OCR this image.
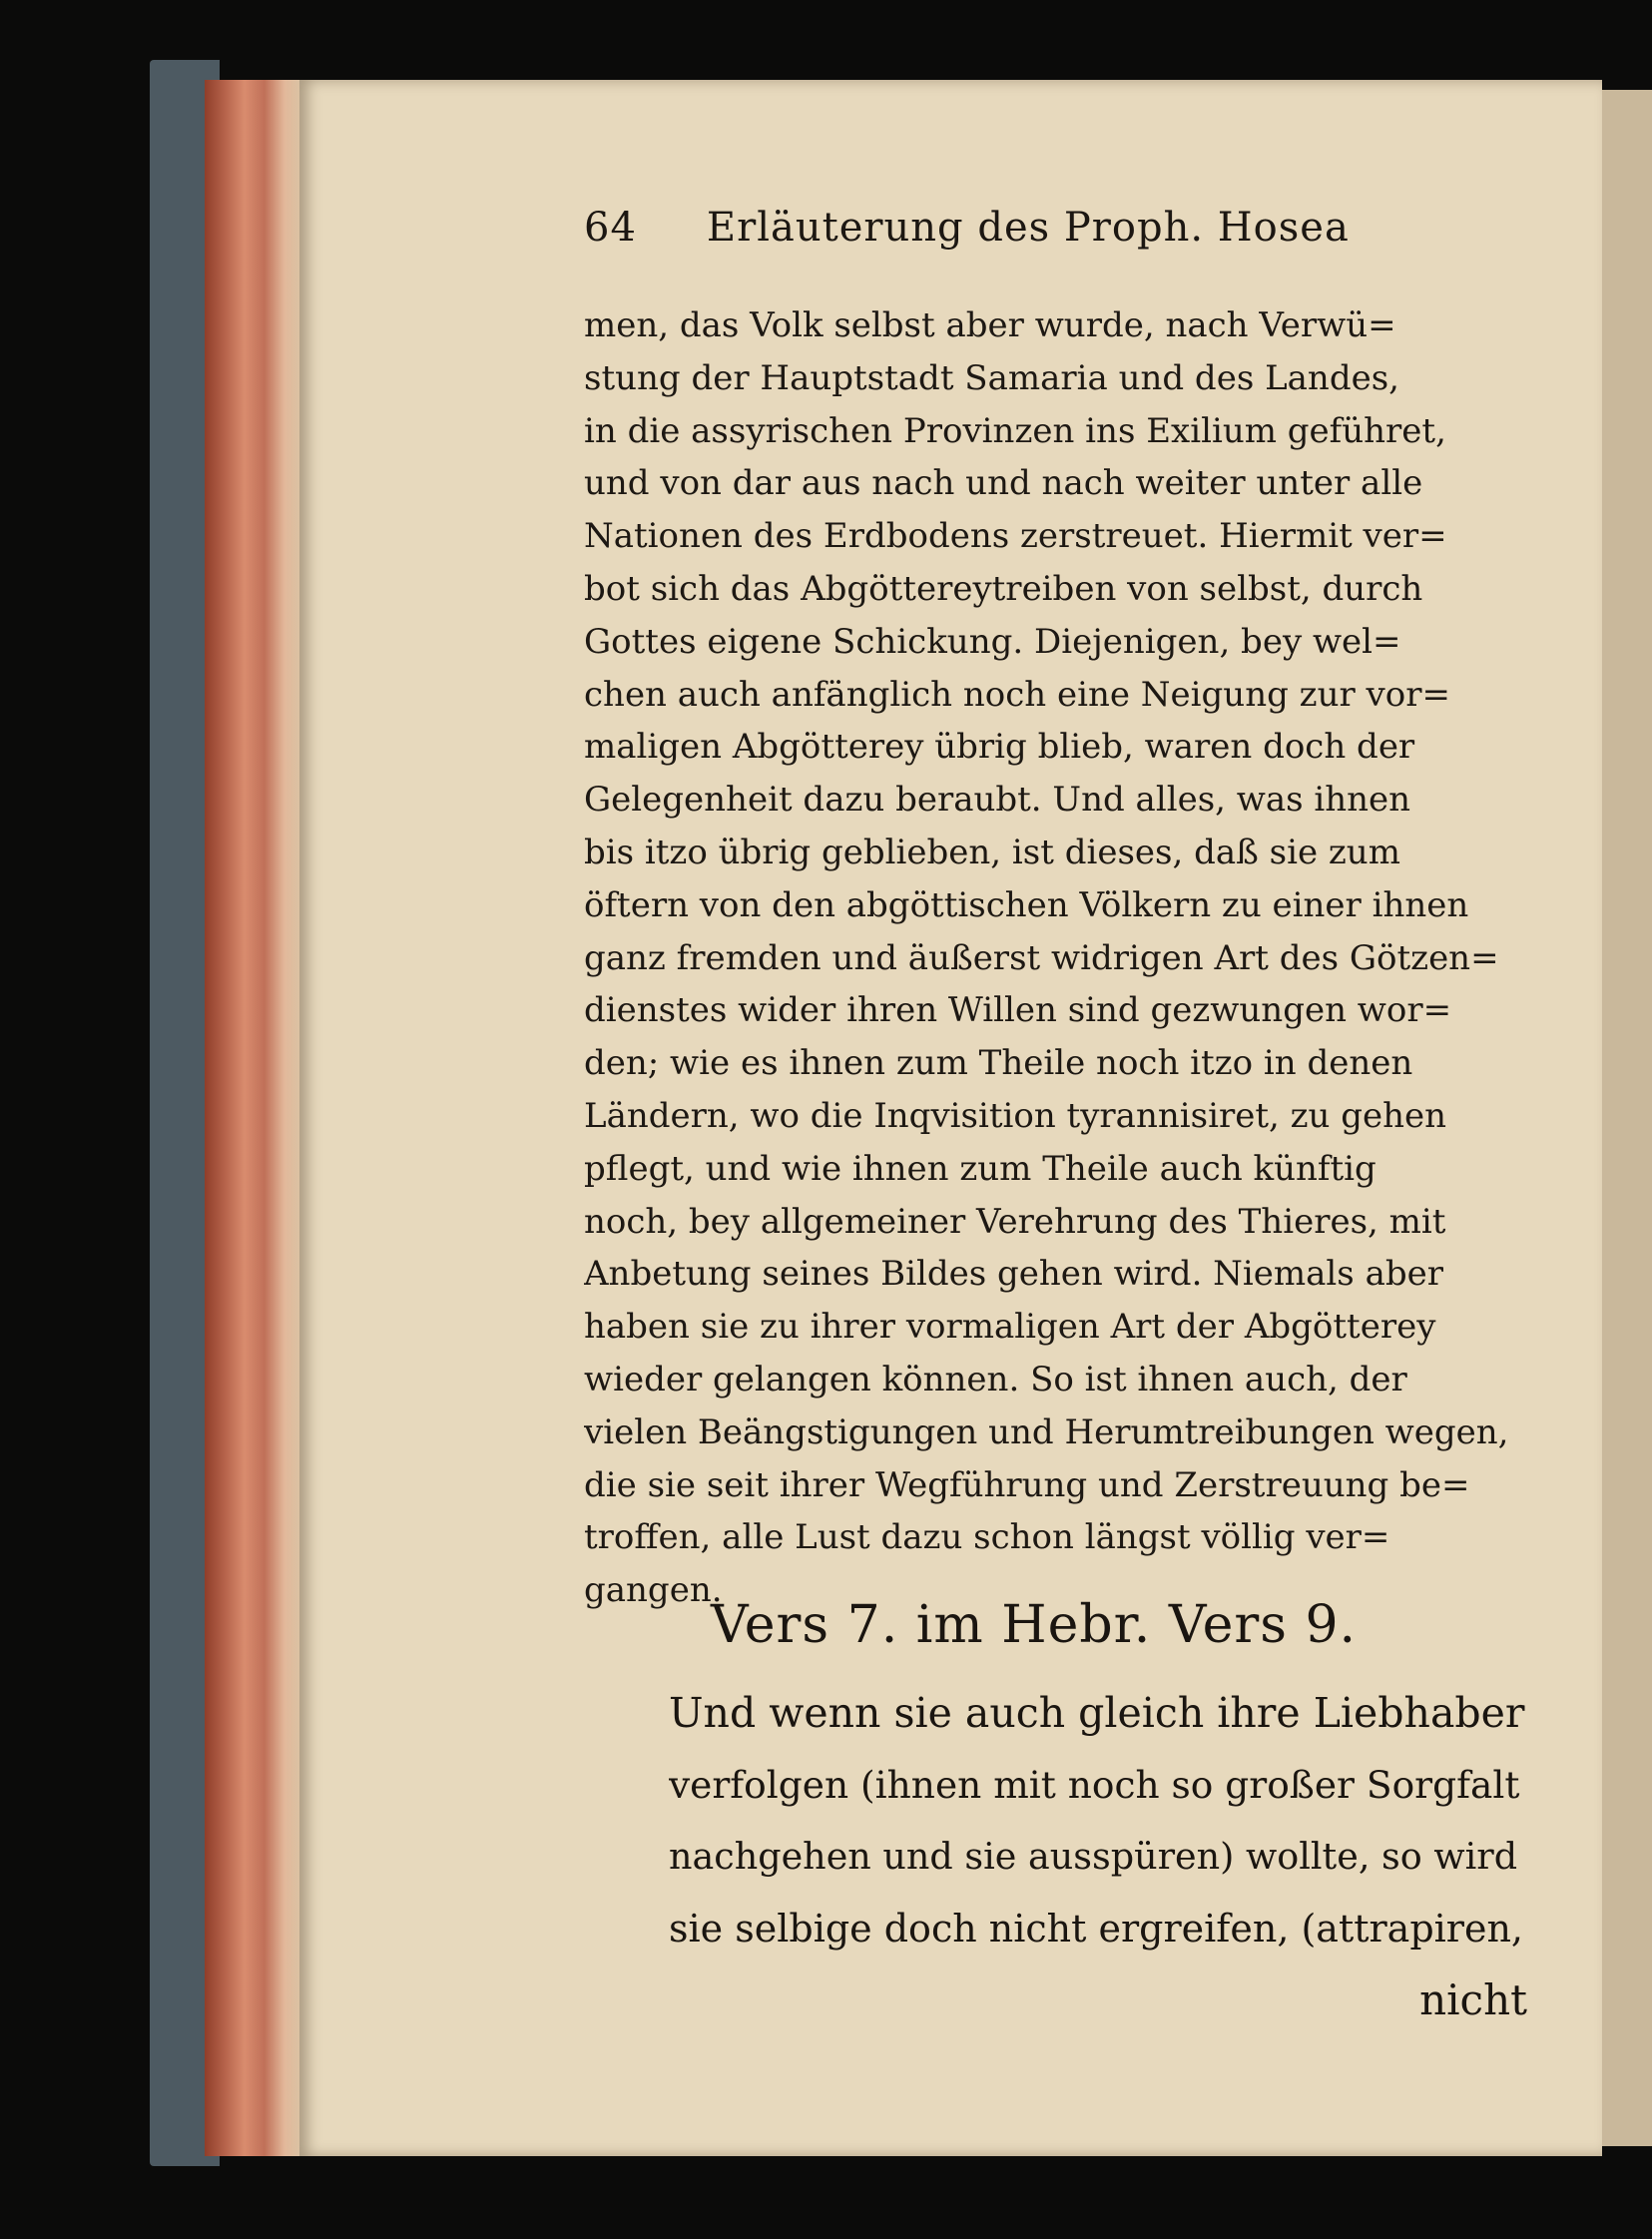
64 Erläuterung des Proph. Hosea
men, das Volk selbst aber wurde, nach Verwü=
stung der Hauptstadt Samaria und des Landes,
in die assyrischen Provinzen ins Exilium geführet,
und von dar aus nach und nach weiter unter alle
Nationen des Erdbodens zerstreuet. Hiermit ver=
bot sich das Abgöttereytreiben von selbst, durch
Gottes eigene Schickung. Diejenigen, bey wel=
chen auch anfänglich noch eine Neigung zur vor=
maligen Abgötterey übrig blieb, waren doch der
Gelegenheit dazu beraubt. Und alles, was ihnen
bis itzo übrig geblieben, ist dieses, daß sie zum
öftern von den abgöttischen Völkern zu einer ihnen
ganz fremden und äußerst widrigen Art des Götzen=
dienstes wider ihren Willen sind gezwungen wor=
den; wie es ihnen zum Theile noch itzo in denen
Ländern, wo die Inqvisition tyrannisiret, zu gehen
pflegt, und wie ihnen zum Theile auch künftig
noch, bey allgemeiner Verehrung des Thieres, mit
Anbetung seines Bildes gehen wird. Niemals aber
haben sie zu ihrer vormaligen Art der Abgötterey
wieder gelangen können. So ist ihnen auch, der
vielen Beängstigungen und Herumtreibungen wegen,
die sie seit ihrer Wegführung und Zerstreuung be=
troffen, alle Lust dazu schon längst völlig ver=
gangen.
Vers 7. im Hebr. Vers 9.
Und wenn sie auch gleich ihre Liebhaber
verfolgen (ihnen mit noch so großer Sorgfalt
nachgehen und sie ausspüren) wollte, so wird
sie selbige doch nicht ergreifen, (attrapiren,
nicht
